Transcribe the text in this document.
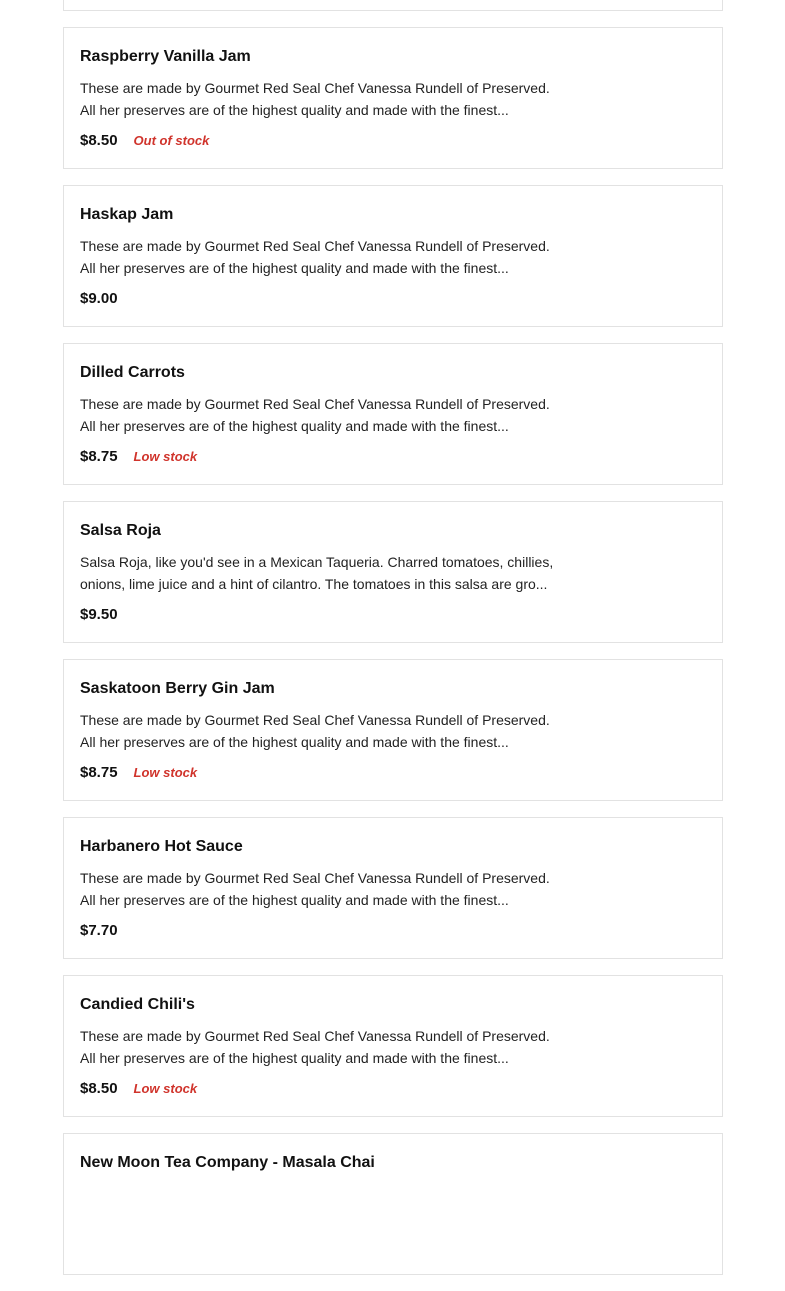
Raspberry Vanilla Jam
These are made by Gourmet Red Seal Chef Vanessa Rundell of Preserved.
All her preserves are of the highest quality and made with the finest...
$8.50 Out of stock
Haskap Jam
These are made by Gourmet Red Seal Chef Vanessa Rundell of Preserved.
All her preserves are of the highest quality and made with the finest...
$9.00
Dilled Carrots
These are made by Gourmet Red Seal Chef Vanessa Rundell of Preserved.
All her preserves are of the highest quality and made with the finest...
$8.75 Low stock
Salsa Roja
Salsa Roja, like you'd see in a Mexican Taqueria. Charred tomatoes, chillies,
onions, lime juice and a hint of cilantro. The tomatoes in this salsa are gro...
$9.50
Saskatoon Berry Gin Jam
These are made by Gourmet Red Seal Chef Vanessa Rundell of Preserved.
All her preserves are of the highest quality and made with the finest...
$8.75 Low stock
Harbanero Hot Sauce
These are made by Gourmet Red Seal Chef Vanessa Rundell of Preserved.
All her preserves are of the highest quality and made with the finest...
$7.70
Candied Chili's
These are made by Gourmet Red Seal Chef Vanessa Rundell of Preserved.
All her preserves are of the highest quality and made with the finest...
$8.50 Low stock
New Moon Tea Company - Masala Chai
